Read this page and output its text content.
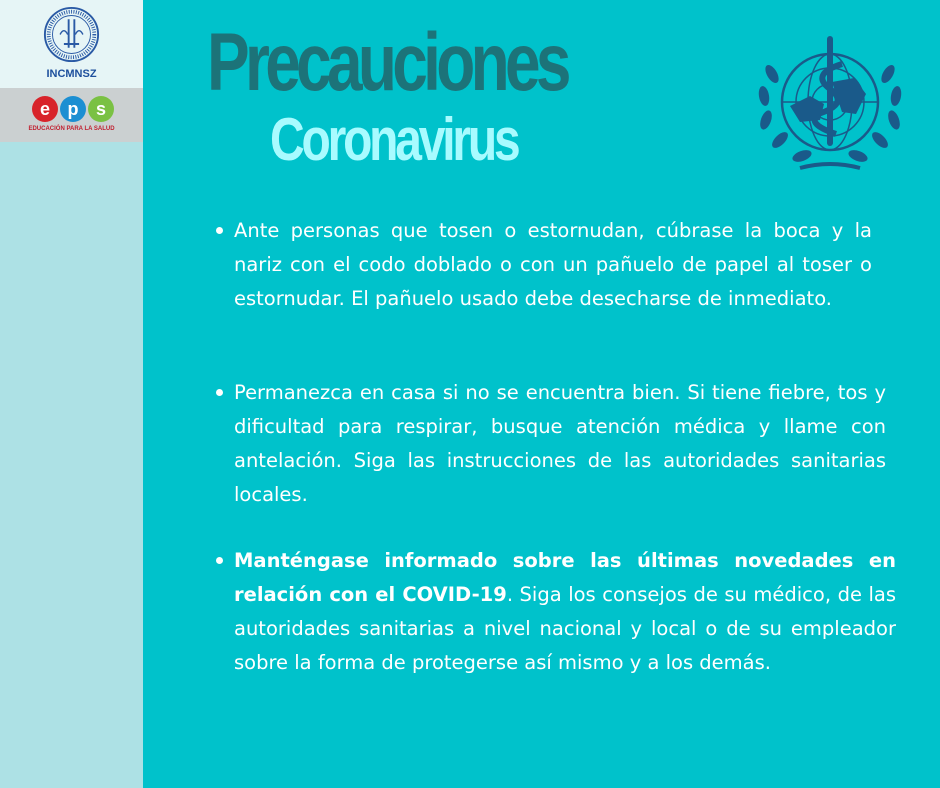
INCMNSZ
e p s
EDUCACIÓN PARA LA SALUD
Precauciones
Coronavirus
Ante personas que tosen o estornudan, cúbrase la boca y la nariz con el codo doblado o con un pañuelo de papel al toser o estornudar. El pañuelo usado debe desecharse de inmediato.
Permanezca en casa si no se encuentra bien. Si tiene fiebre, tos y dificultad para respirar, busque atención médica y llame con antelación. Siga las instrucciones de las autoridades sanitarias locales.
Manténgase informado sobre las últimas novedades en relación con el COVID-19. Siga los consejos de su médico, de las autoridades sanitarias a nivel nacional y local o de su empleador sobre la forma de protegerse así mismo y a los demás.
